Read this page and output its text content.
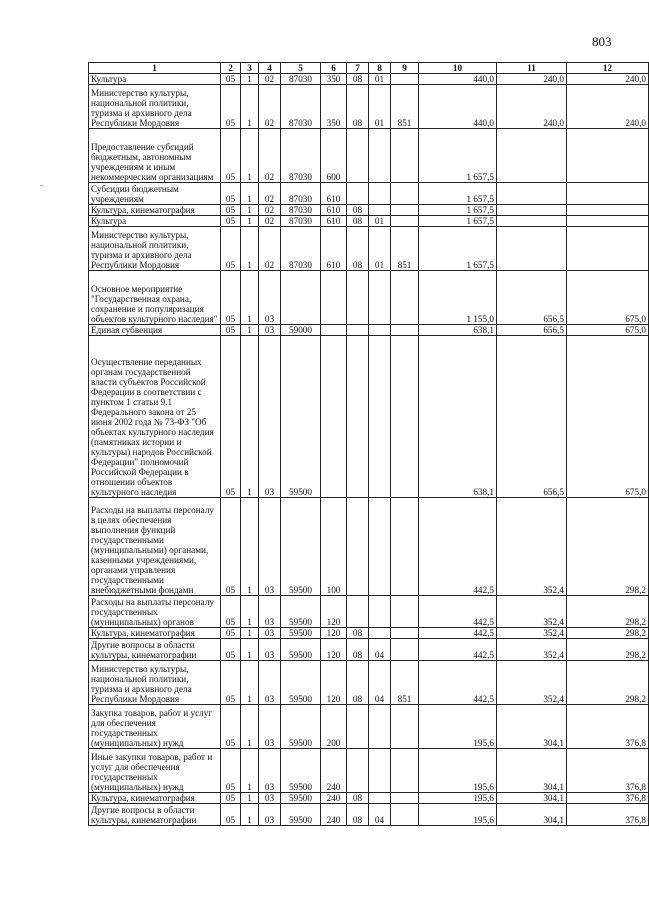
803
1	2	3	4	5	6	7	8	9	10	11	12
Культура	05	1	02	87030	350	08	01		440,0	240,0	240,0
Министерство культуры, национальной политики, туризма и архивного дела Республики Мордовия	05	1	02	87030	350	08	01	851	440,0	240,0	240,0
Предоставление субсидий бюджетным, автономным учреждениям и иным некоммерческим организациям	05	1	02	87030	600				1 657,5		
Субсидии бюджетным учреждениям	05	1	02	87030	610				1 657,5		
Культура, кинематография	05	1	02	87030	610	08			1 657,5		
Культура	05	1	02	87030	610	08	01		1 657,5		
Министерство культуры, национальной политики, туризма и архивного дела Республики Мордовия	05	1	02	87030	610	08	01	851	1 657,5		
Основное мероприятие "Государственная охрана, сохранение и популяризация объектов культурного наследия"	05	1	03						1 155,0	656,5	675,0
Единая субвенция	05	1	03	59000					638,1	656,5	675,0
Осуществление переданных органам государственной власти субъектов Российской Федерации в соответствии с пунктом 1 статьи 9.1 Федерального закона от 25 июня 2002 года № 73-ФЗ "Об объектах культурного наследия (памятниках истории и культуры) народов Российской Федерации" полномочий Российской Федерации в отношении объектов культурного наследия	05	1	03	59500					638,1	656,5	675,0
Расходы на выплаты персоналу в целях обеспечения выполнения функций государственными (муниципальными) органами, казенными учреждениями, органами управления государственными внебюджетными фондами	05	1	03	59500	100				442,5	352,4	298,2
Расходы на выплаты персоналу государственных (муниципальных) органов	05	1	03	59500	120				442,5	352,4	298,2
Культура, кинематография	05	1	03	59500	120	08			442,5	352,4	298,2
Другие вопросы в области культуры, кинематографии	05	1	03	59500	120	08	04		442,5	352,4	298,2
Министерство культуры, национальной политики, туризма и архивного дела Республики Мордовия	05	1	03	59500	120	08	04	851	442,5	352,4	298,2
Закупка товаров, работ и услуг для обеспечения государственных (муниципальных) нужд	05	1	03	59500	200				195,6	304,1	376,8
Иные закупки товаров, работ и услуг для обеспечения государственных (муниципальных) нужд	05	1	03	59500	240				195,6	304,1	376,8
Культура, кинематография	05	1	03	59500	240	08			195,6	304,1	376,8
Другие вопросы в области культуры, кинематографии	05	1	03	59500	240	08	04		195,6	304,1	376,8
-
